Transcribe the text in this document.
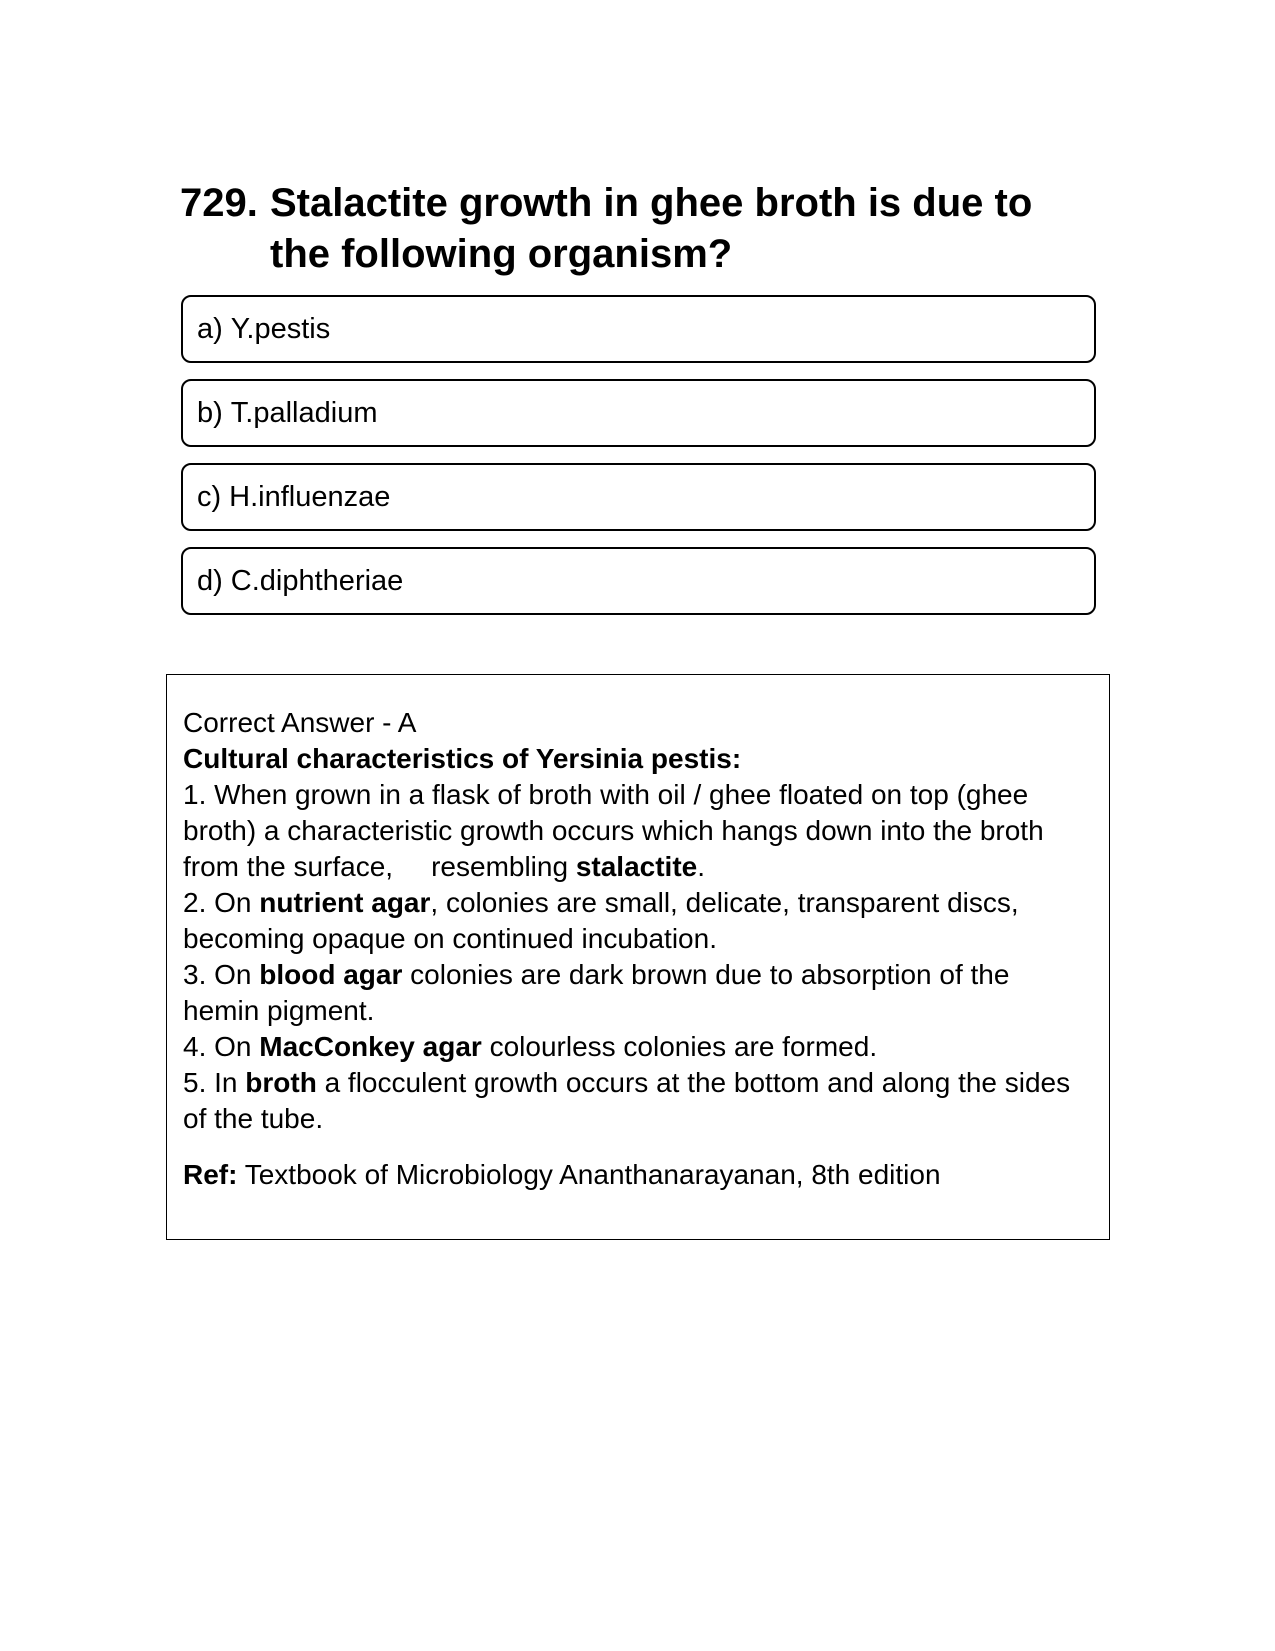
729. Stalactite growth in ghee broth is due to the following organism?
a) Y.pestis
b) T.palladium
c) H.influenzae
d) C.diphtheriae

Correct Answer - A

Cultural characteristics of Yersinia pestis:

1. When grown in a flask of broth with oil / ghee floated on top (ghee broth) a characteristic growth occurs which hangs down into the broth from the surface, resembling stalactite.

2. On nutrient agar, colonies are small, delicate, transparent discs, becoming opaque on continued incubation.

3. On blood agar colonies are dark brown due to absorption of the hemin pigment.

4. On MacConkey agar colourless colonies are formed.

5. In broth a flocculent growth occurs at the bottom and along the sides of the tube.

Ref: Textbook of Microbiology Ananthanarayanan, 8th edition
